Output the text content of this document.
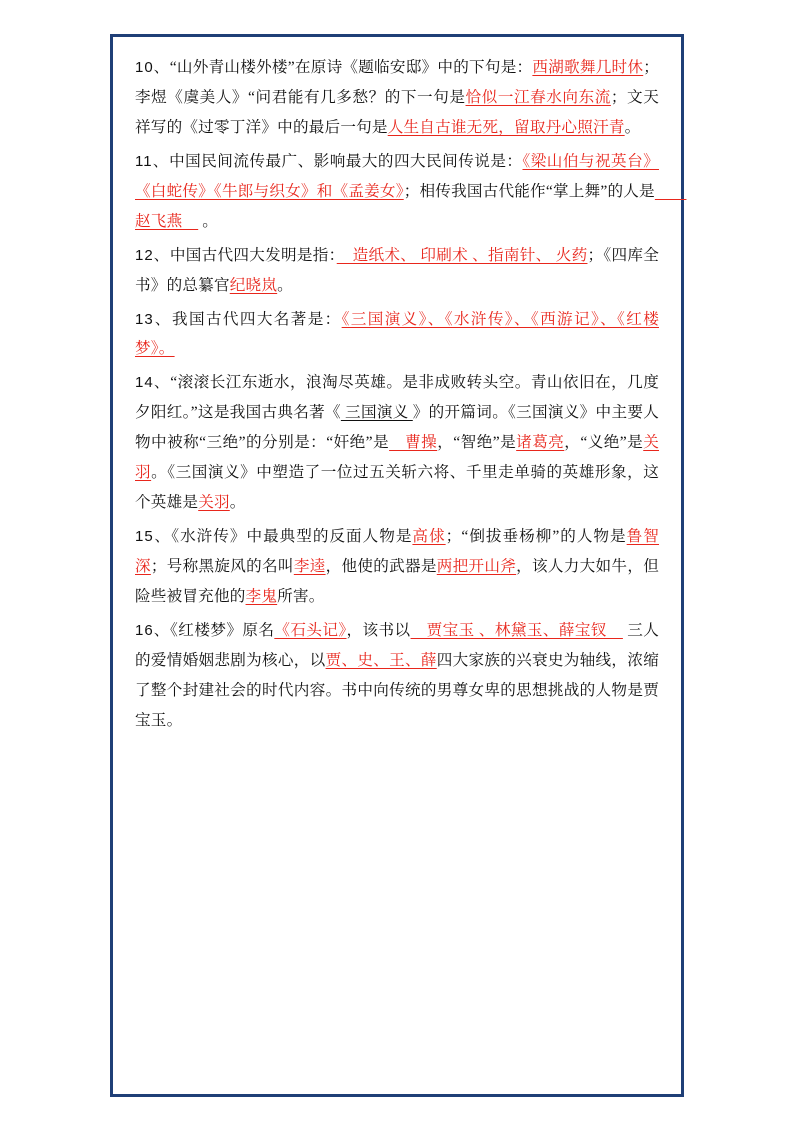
10、“山外青山楼外楼”在原诗《题临安邸》中的下句是：西湖歌舞几时休；李煜《虞美人》“问君能有几多愁？的下一句是恰似一江春水向东流；文天祥写的《过零丁洋》中的最后一句是人生自古谁无死，留取丹心照汗青。

11、中国民间流传最广、影响最大的四大民间传说是：《梁山伯与祝英台》《白蛇传》《牛郎与织女》和《孟姜女》；相传我国古代能作“掌上舞”的人是　　赵飞燕　 。

12、中国古代四大发明是指：　造纸术、 印刷术 、指南针、 火药；《四库全书》的总纂官纪晓岚。

13、我国古代四大名著是：《三国演义》、《水浒传》、《西游记》、《红楼梦》。

14、“滚滚长江东逝水，浪淘尽英雄。是非成败转头空。青山依旧在，几度夕阳红。”这是我国古典名著《 三国演义 》的开篇词。《三国演义》中主要人物中被称“三绝”的分别是：“奸绝”是　曹操，“智绝”是诸葛亮，“义绝”是关羽。《三国演义》中塑造了一位过五关斩六将、千里走单骑的英雄形象，这个英雄是关羽。

15、《水浒传》中最典型的反面人物是高俅；“倒拔垂杨柳”的人物是鲁智深；号称黑旋风的名叫李逵，他使的武器是两把开山斧，该人力大如牛，但险些被冒充他的李鬼所害。

16、《红楼梦》原名《石头记》，该书以　贾宝玉 、林黛玉、薛宝钗　 三人的爱情婚姻悲剧为核心，以贾、史、王、薛四大家族的兴衰史为轴线，浓缩了整个封建社会的时代内容。书中向传统的男尊女卑的思想挑战的人物是贾宝玉。
